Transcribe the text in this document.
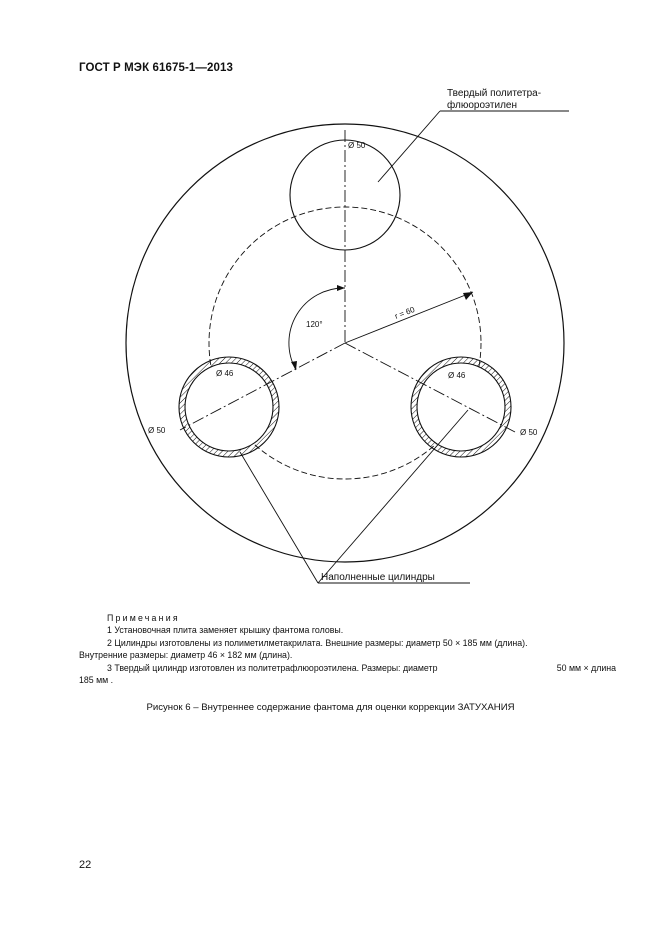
ГОСТ Р МЭК 61675-1—2013
Твердый политетра-
флюороэтилен
Ø 50
Ø 46	Ø 46
Ø 50	Ø 50
120°
r = 60
Наполненные цилиндры
Примечания
1 Установочная плита заменяет крышку фантома головы.
2 Цилиндры изготовлены из полиметилметакрилата. Внешние размеры: диаметр 50 × 185 мм (длина).
Внутренние размеры: диаметр 46 × 182 мм (длина).
3 Твердый цилиндр изготовлен из политетрафлюороэтилена. Размеры: диаметр	50 мм × длина
185 мм .
Рисунок 6 – Внутреннее содержание фантома для оценки коррекции ЗАТУХАНИЯ
22
